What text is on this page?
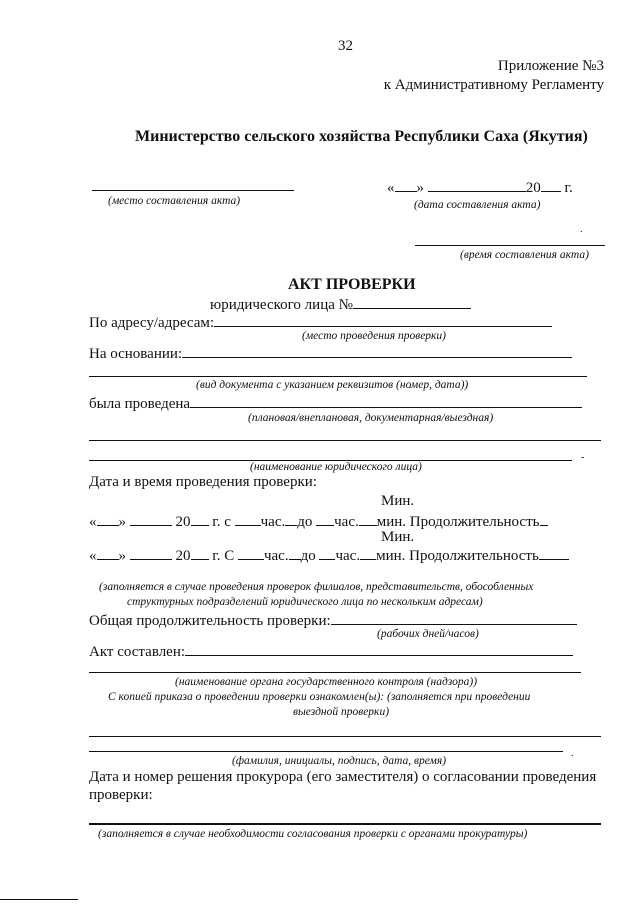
32
Приложение №3
к Административному Регламенту
Министерство сельского хозяйства Республики Саха (Якутия)
(место составления акта)
« »	20 г.
(дата составления акта)
.
(время составления акта)
АКТ ПРОВЕРКИ
юридического лица №
По адресу/адресам:
(место проведения проверки)
На основании:
(вид документа с указанием реквизитов (номер, дата))
была проведена
(плановая/внеплановая, документарная/выездная)
-
(наименование юридического лица)
Дата и время проведения проверки:
Мин.
« »	20 г. с час. до час. мин. Продолжительность
Мин.
« »	20 г. С час. до час. мин. Продолжительность
(заполняется в случае проведения проверок филиалов, представительств, обособленных
структурных подразделений юридического лица по нескольким адресам)
Общая продолжительность проверки:
(рабочих дней/часов)
Акт составлен:
(наименование органа государственного контроля (надзора))
С копией приказа о проведении проверки ознакомлен(ы): (заполняется при проведении
выездной проверки)
(фамилия, инициалы, подпись, дата, время)
.
Дата и номер решения прокурора (его заместителя) о согласовании проведения
проверки:
(заполняется в случае необходимости согласования проверки с органами прокуратуры)
